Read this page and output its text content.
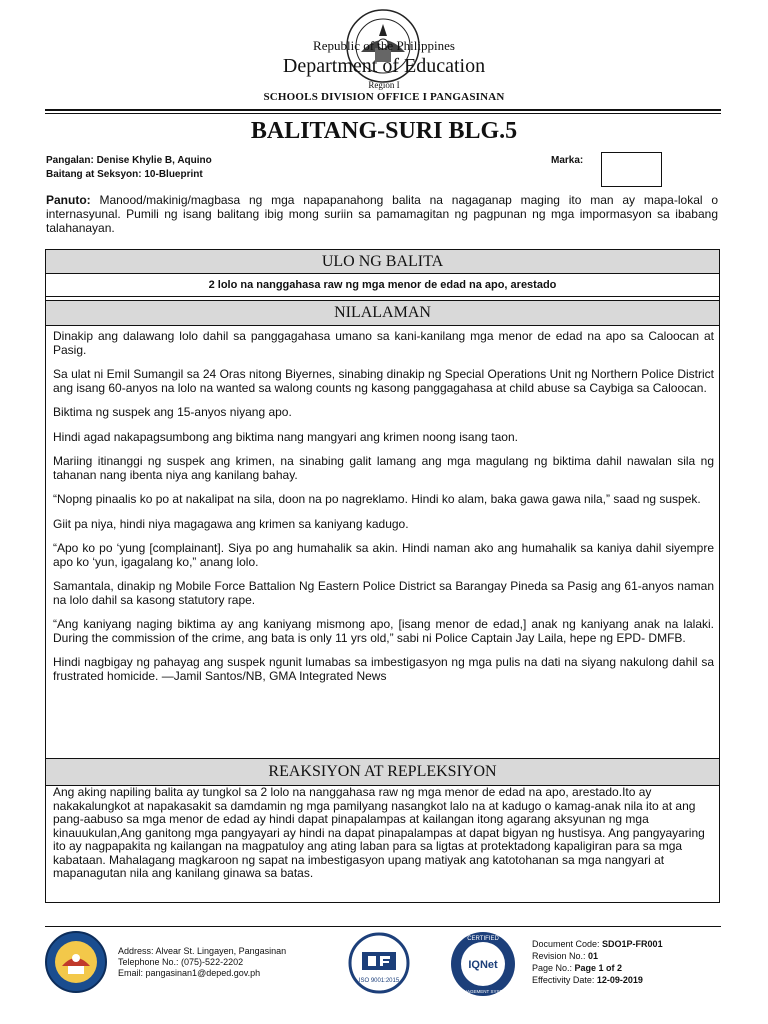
Republic of the Philippines
Department of Education
Region I
SCHOOLS DIVISION OFFICE I PANGASINAN
BALITANG-SURI BLG.5
Pangalan: Denise Khylie B, Aquino
Baitang at Seksyon: 10-Blueprint
Marka:
Panuto: Manood/makinig/magbasa ng mga napapanahong balita na nagaganap maging ito man ay mapa-lokal o internasyunal. Pumili ng isang balitang ibig mong suriin sa pamamagitan ng pagpunan ng mga impormasyon sa ibabang talahanayan.
ULO NG BALITA
2 lolo na nanggahasa raw ng mga menor de edad na apo, arestado
NILALAMAN

Dinakip ang dalawang lolo dahil sa panggagahasa umano sa kani-kanilang mga menor de edad na apo sa Caloocan at Pasig.

Sa ulat ni Emil Sumangil sa 24 Oras nitong Biyernes, sinabing dinakip ng Special Operations Unit ng Northern Police District ang isang 60-anyos na lolo na wanted sa walong counts ng kasong panggagahasa at child abuse sa Caybiga sa Caloocan.

Biktima ng suspek ang 15-anyos niyang apo.

Hindi agad nakapagsumbong ang biktima nang mangyari ang krimen noong isang taon.

Mariing itinanggi ng suspek ang krimen, na sinabing galit lamang ang mga magulang ng biktima dahil nawalan sila ng tahanan nang ibenta niya ang kanilang bahay.

“Nopng pinaalis ko po at nakalipat na sila, doon na po nagreklamo. Hindi ko alam, baka gawa gawa nila,” saad ng suspek.

Giit pa niya, hindi niya magagawa ang krimen sa kaniyang kadugo.

“Apo ko po ‘yung [complainant]. Siya po ang humahalik sa akin. Hindi naman ako ang humahalik sa kaniya dahil siyempre apo ko ‘yun, igagalang ko,” anang lolo.

Samantala, dinakip ng Mobile Force Battalion Ng Eastern Police District sa Barangay Pineda sa Pasig ang 61-anyos naman na lolo dahil sa kasong statutory rape.

“Ang kaniyang naging biktima ay ang kaniyang mismong apo, [isang menor de edad,] anak ng kaniyang anak na lalaki. During the commission of the crime, ang bata is only 11 yrs old,” sabi ni Police Captain Jay Laila, hepe ng EPD- DMFB.

Hindi nagbigay ng pahayag ang suspek ngunit lumabas sa imbestigasyon ng mga pulis na dati na siyang nakulong dahil sa frustrated homicide. —Jamil Santos/NB, GMA Integrated News

REAKSIYON AT REPLEKSIYON
Ang aking napiling balita ay tungkol sa 2 lolo na nanggahasa raw ng mga menor de edad na apo, arestado.Ito ay nakakalungkot at napakasakit sa damdamin ng mga pamilyang nasangkot lalo na at kadugo o kamag-anak nila ito at ang pang-aabuso sa mga menor de edad ay hindi dapat pinapalampas at kailangan itong agarang aksyunan ng mga kinauukulan,Ang ganitong mga pangyayari ay hindi na dapat pinapalampas at dapat bigyan ng hustisya. Ang pangyayaring ito ay nagpapakita ng kailangan na magpatuloy ang ating laban para sa ligtas at protektadong kapaligiran para sa mga kabataan. Mahalagang magkaroon ng sapat na imbestigasyon upang matiyak ang katotohanan sa mga nangyari at mapanagutan nila ang kanilang ginawa sa batas.
Address: Alvear St. Lingayen, Pangasinan
Telephone No.: (075)-522-2202
Email: pangasinan1@deped.gov.ph
ISO 9001:2015
IQNet
CERTIFIED
MANAGEMENT SYSTEM
Document Code: SDO1P-FR001
Revision No.: 01
Page No.: Page 1 of 2
Effectivity Date: 12-09-2019
